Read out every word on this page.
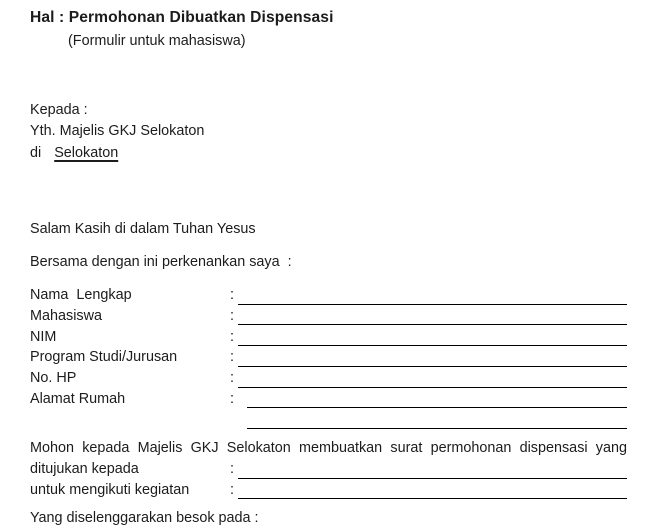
Hal : Permohonan Dibuatkan Dispensasi
(Formulir untuk mahasiswa)
Kepada :
Yth. Majelis GKJ Selokaton
di Selokaton
Salam Kasih di dalam Tuhan Yesus
Bersama dengan ini perkenankan saya  :
Nama  Lengkap	:
Mahasiswa	:
NIM	:
Program Studi/Jurusan	:
No. HP	:
Alamat Rumah	:
Mohon kepada Majelis GKJ Selokaton membuatkan surat permohonan dispensasi yang
ditujukan kepada	:
untuk mengikuti kegiatan	:
Yang diselenggarakan besok pada :
